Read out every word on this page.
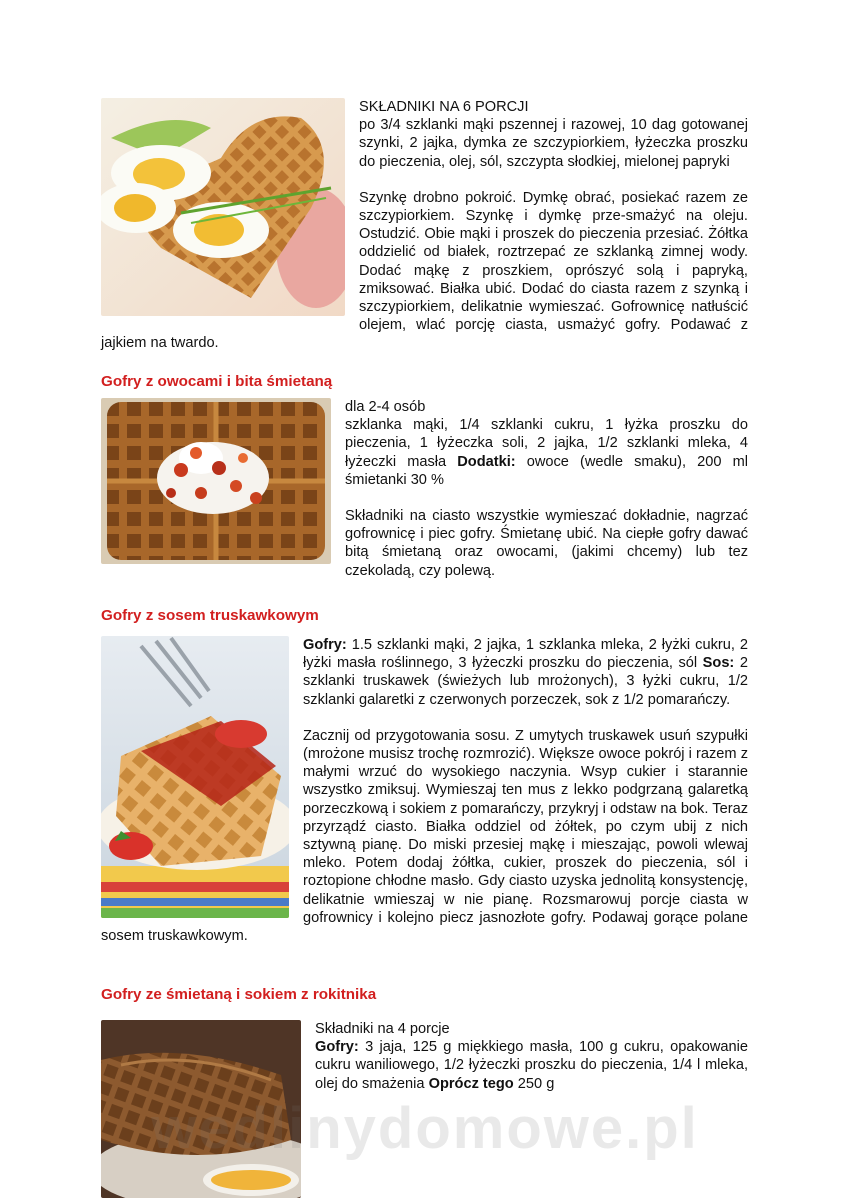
SKŁADNIKI NA 6 PORCJI

po 3/4 szklanki mąki pszennej i razowej, 10 dag gotowanej szynki, 2 jajka, dymka ze szczypiorkiem, łyżeczka proszku do pieczenia, olej, sól, szczypta słodkiej, mielonej papryki

Szynkę drobno pokroić. Dymkę obrać, posiekać razem ze szczypiorkiem. Szynkę i dymkę prze-smażyć na oleju. Ostudzić. Obie mąki i proszek do pieczenia przesiać. Żółtka oddzielić od białek, roztrzepać ze szklanką zimnej wody. Dodać mąkę z proszkiem, oprószyć solą i papryką, zmiksować. Białka ubić. Dodać do ciasta razem z szynką i szczypiorkiem, delikatnie wymieszać. Gofrownicę natłuścić olejem, wlać porcję ciasta, usmażyć gofry. Podawać z jajkiem na twardo.

Gofry z owocami i bita śmietaną
dla 2-4 osób

szklanka mąki, 1/4 szklanki cukru, 1 łyżka proszku do pieczenia, 1 łyżeczka soli, 2 jajka, 1/2 szklanki mleka, 4 łyżeczki masła Dodatki: owoce (wedle smaku), 200 ml śmietanki 30 %

Składniki na ciasto wszystkie wymieszać dokładnie, nagrzać gofrownicę i piec gofry. Śmietanę ubić. Na ciepłe gofry dawać bitą śmietaną oraz owocami, (jakimi chcemy) lub tez czekoladą, czy polewą.

Gofry z sosem truskawkowym

Gofry: 1.5 szklanki mąki, 2 jajka, 1 szklanka mleka, 2 łyżki cukru, 2 łyżki masła roślinnego, 3 łyżeczki proszku do pieczenia, sól Sos: 2 szklanki truskawek (świeżych lub mrożonych), 3 łyżki cukru, 1/2 szklanki galaretki z czerwonych porzeczek, sok z 1/2 pomarańczy.

Zacznij od przygotowania sosu. Z umytych truskawek usuń szypułki (mrożone musisz trochę rozmrozić). Większe owoce pokrój i razem z małymi wrzuć do wysokiego naczynia. Wsyp cukier i starannie wszystko zmiksuj. Wymieszaj ten mus z lekko podgrzaną galaretką porzeczkową i sokiem z pomarańczy, przykryj i odstaw na bok. Teraz przyrządź ciasto. Białka oddziel od żółtek, po czym ubij z nich sztywną pianę. Do miski przesiej mąkę i mieszając, powoli wlewaj mleko. Potem dodaj żółtka, cukier, proszek do pieczenia, sól i roztopione chłodne masło. Gdy ciasto uzyska jednolitą konsystencję, delikatnie wmieszaj w nie pianę. Rozsmarowuj porcje ciasta w gofrownicy i kolejno piecz jasnozłote gofry. Podawaj gorące polane sosem truskawkowym.

Gofry ze śmietaną i sokiem z rokitnika
Składniki na 4 porcje

Gofry: 3 jaja, 125 g miękkiego masła, 100 g cukru, opakowanie cukru waniliowego, 1/2 łyżeczki proszku do pieczenia, 1/4 l mleka, olej do smażenia Oprócz tego 250 g

wedlinydomowe.pl
